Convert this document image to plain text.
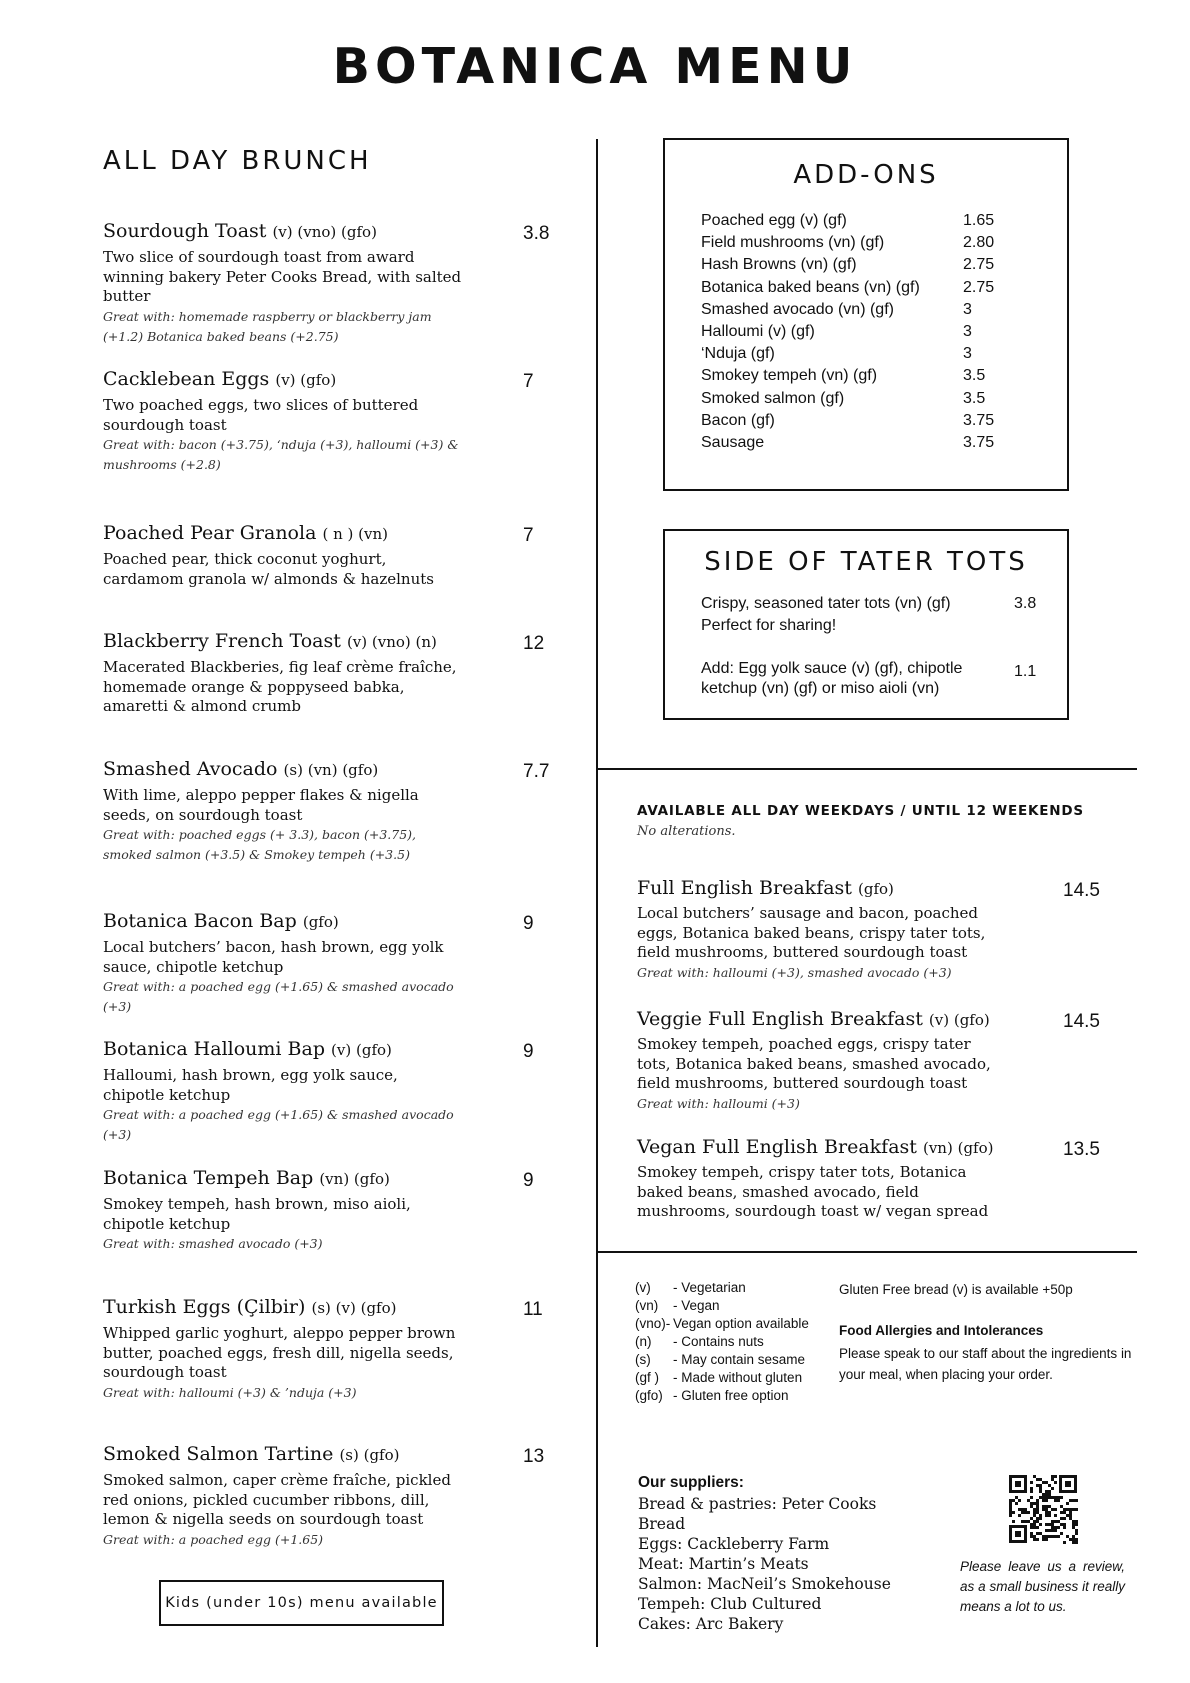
BOTANICA MENU
ALL DAY BRUNCH
Sourdough Toast (v) (vno) (gfo)
Two slice of sourdough toast from award winning bakery Peter Cooks Bread, with salted butter
Great with: homemade raspberry or blackberry jam (+1.2) Botanica baked beans (+2.75)
3.8
Cacklebean Eggs (v) (gfo)
Two poached eggs, two slices of buttered sourdough toast
Great with: bacon (+3.75), ‘nduja (+3), halloumi (+3) & mushrooms (+2.8)
7
Poached Pear Granola ( n ) (vn)
Poached pear, thick coconut yoghurt, cardamom granola w/ almonds & hazelnuts
7
Blackberry French Toast (v) (vno) (n)
Macerated Blackberies, fig leaf crème fraîche, homemade orange & poppyseed babka, amaretti & almond crumb
12
Smashed Avocado (s) (vn) (gfo)
With lime, aleppo pepper flakes & nigella seeds, on sourdough toast
Great with: poached eggs (+ 3.3), bacon (+3.75), smoked salmon (+3.5) & Smokey tempeh (+3.5)
7.7
Botanica Bacon Bap (gfo)
Local butchers’ bacon, hash brown, egg yolk sauce, chipotle ketchup
Great with: a poached egg (+1.65) & smashed avocado (+3)
9
Botanica Halloumi Bap (v) (gfo)
Halloumi, hash brown, egg yolk sauce, chipotle ketchup
Great with: a poached egg (+1.65) & smashed avocado (+3)
9
Botanica Tempeh Bap (vn) (gfo)
Smokey tempeh, hash brown, miso aioli, chipotle ketchup
Great with: smashed avocado (+3)
9
Turkish Eggs (Çilbir) (s) (v) (gfo)
Whipped garlic yoghurt, aleppo pepper brown butter, poached eggs, fresh dill, nigella seeds, sourdough toast
Great with: halloumi (+3) & ’nduja (+3)
11
Smoked Salmon Tartine (s) (gfo)
Smoked salmon, caper crème fraîche, pickled red onions, pickled cucumber ribbons, dill, lemon & nigella seeds on sourdough toast
Great with: a poached egg (+1.65)
13
Kids (under 10s) menu available
ADD-ONS
Poached egg (v) (gf)	1.65
Field mushrooms (vn) (gf)	2.80
Hash Browns (vn) (gf)	2.75
Botanica baked beans (vn) (gf)	2.75
Smashed avocado (vn) (gf)	3
Halloumi (v) (gf)	3
‘Nduja (gf)	3
Smokey tempeh (vn) (gf)	3.5
Smoked salmon (gf)	3.5
Bacon (gf)	3.75
Sausage	3.75
SIDE OF TATER TOTS
Crispy, seasoned tater tots (vn) (gf)
Perfect for sharing!
3.8
Add: Egg yolk sauce (v) (gf), chipotle
ketchup (vn) (gf) or miso aioli (vn)
1.1
AVAILABLE ALL DAY WEEKDAYS / UNTIL 12 WEEKENDS
No alterations.
Full English Breakfast (gfo)
Local butchers’ sausage and bacon, poached eggs, Botanica baked beans, crispy tater tots, field mushrooms, buttered sourdough toast
Great with: halloumi (+3), smashed avocado (+3)
14.5
Veggie Full English Breakfast (v) (gfo)
Smokey tempeh, poached eggs, crispy tater tots, Botanica baked beans, smashed avocado, field mushrooms, buttered sourdough toast
Great with: halloumi (+3)
14.5
Vegan Full English Breakfast (vn) (gfo)
Smokey tempeh, crispy tater tots, Botanica baked beans, smashed avocado, field mushrooms, sourdough toast w/ vegan spread
13.5
(v)	- Vegetarian
(vn)	- Vegan
(vno)- Vegan option available
(n)	- Contains nuts
(s)	- May contain sesame
(gf )	- Made without gluten
(gfo) - Gluten free option
Gluten Free bread (v) is available +50p
Food Allergies and Intolerances
Please speak to our staff about the ingredients in your meal, when placing your order.
Our suppliers:
Bread & pastries: Peter Cooks Bread
Eggs: Cackleberry Farm
Meat: Martin’s Meats
Salmon: MacNeil’s Smokehouse
Tempeh: Club Cultured
Cakes: Arc Bakery
Please leave us a review, as a small business it really means a lot to us.
